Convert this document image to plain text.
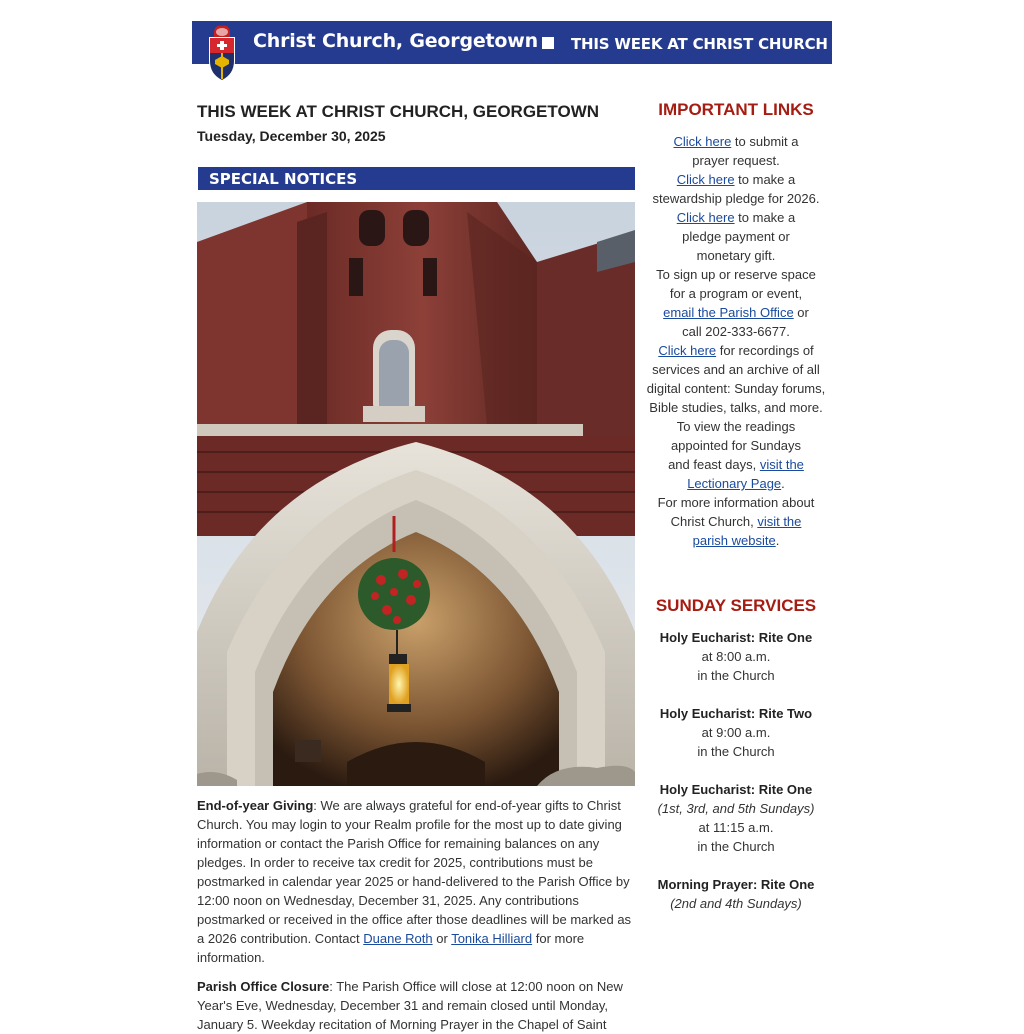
Christ Church, Georgetown THIS WEEK AT CHRIST CHURCH
THIS WEEK AT CHRIST CHURCH, GEORGETOWN
Tuesday, December 30, 2025
SPECIAL NOTICES

End-of-year Giving: We are always grateful for end-of-year gifts to Christ Church. You may login to your Realm profile for the most up to date giving information or contact the Parish Office for remaining balances on any pledges. In order to receive tax credit for 2025, contributions must be postmarked in calendar year 2025 or hand-delivered to the Parish Office by 12:00 noon on Wednesday, December 31, 2025. Any contributions postmarked or received in the office after those deadlines will be marked as a 2026 contribution. Contact Duane Roth or Tonika Hilliard for more information.

Parish Office Closure: The Parish Office will close at 12:00 noon on New Year's Eve, Wednesday, December 31 and remain closed until Monday, January 5. Weekday recitation of Morning Prayer in the Chapel of Saint

IMPORTANT LINKS

Click here to submit a prayer request.

Click here to make a stewardship pledge for 2026.

Click here to make a pledge payment or monetary gift.

To sign up or reserve space for a program or event, email the Parish Office or call 202-333-6677.

Click here for recordings of services and an archive of all digital content: Sunday forums, Bible studies, talks, and more.

To view the readings appointed for Sundays and feast days, visit the Lectionary Page.

For more information about Christ Church, visit the parish website.

SUNDAY SERVICES

Holy Eucharist: Rite One
at 8:00 a.m.
in the Church
Holy Eucharist: Rite Two
at 9:00 a.m.
in the Church
Holy Eucharist: Rite One
(1st, 3rd, and 5th Sundays)
at 11:15 a.m.
in the Church
Morning Prayer: Rite One
(2nd and 4th Sundays)
